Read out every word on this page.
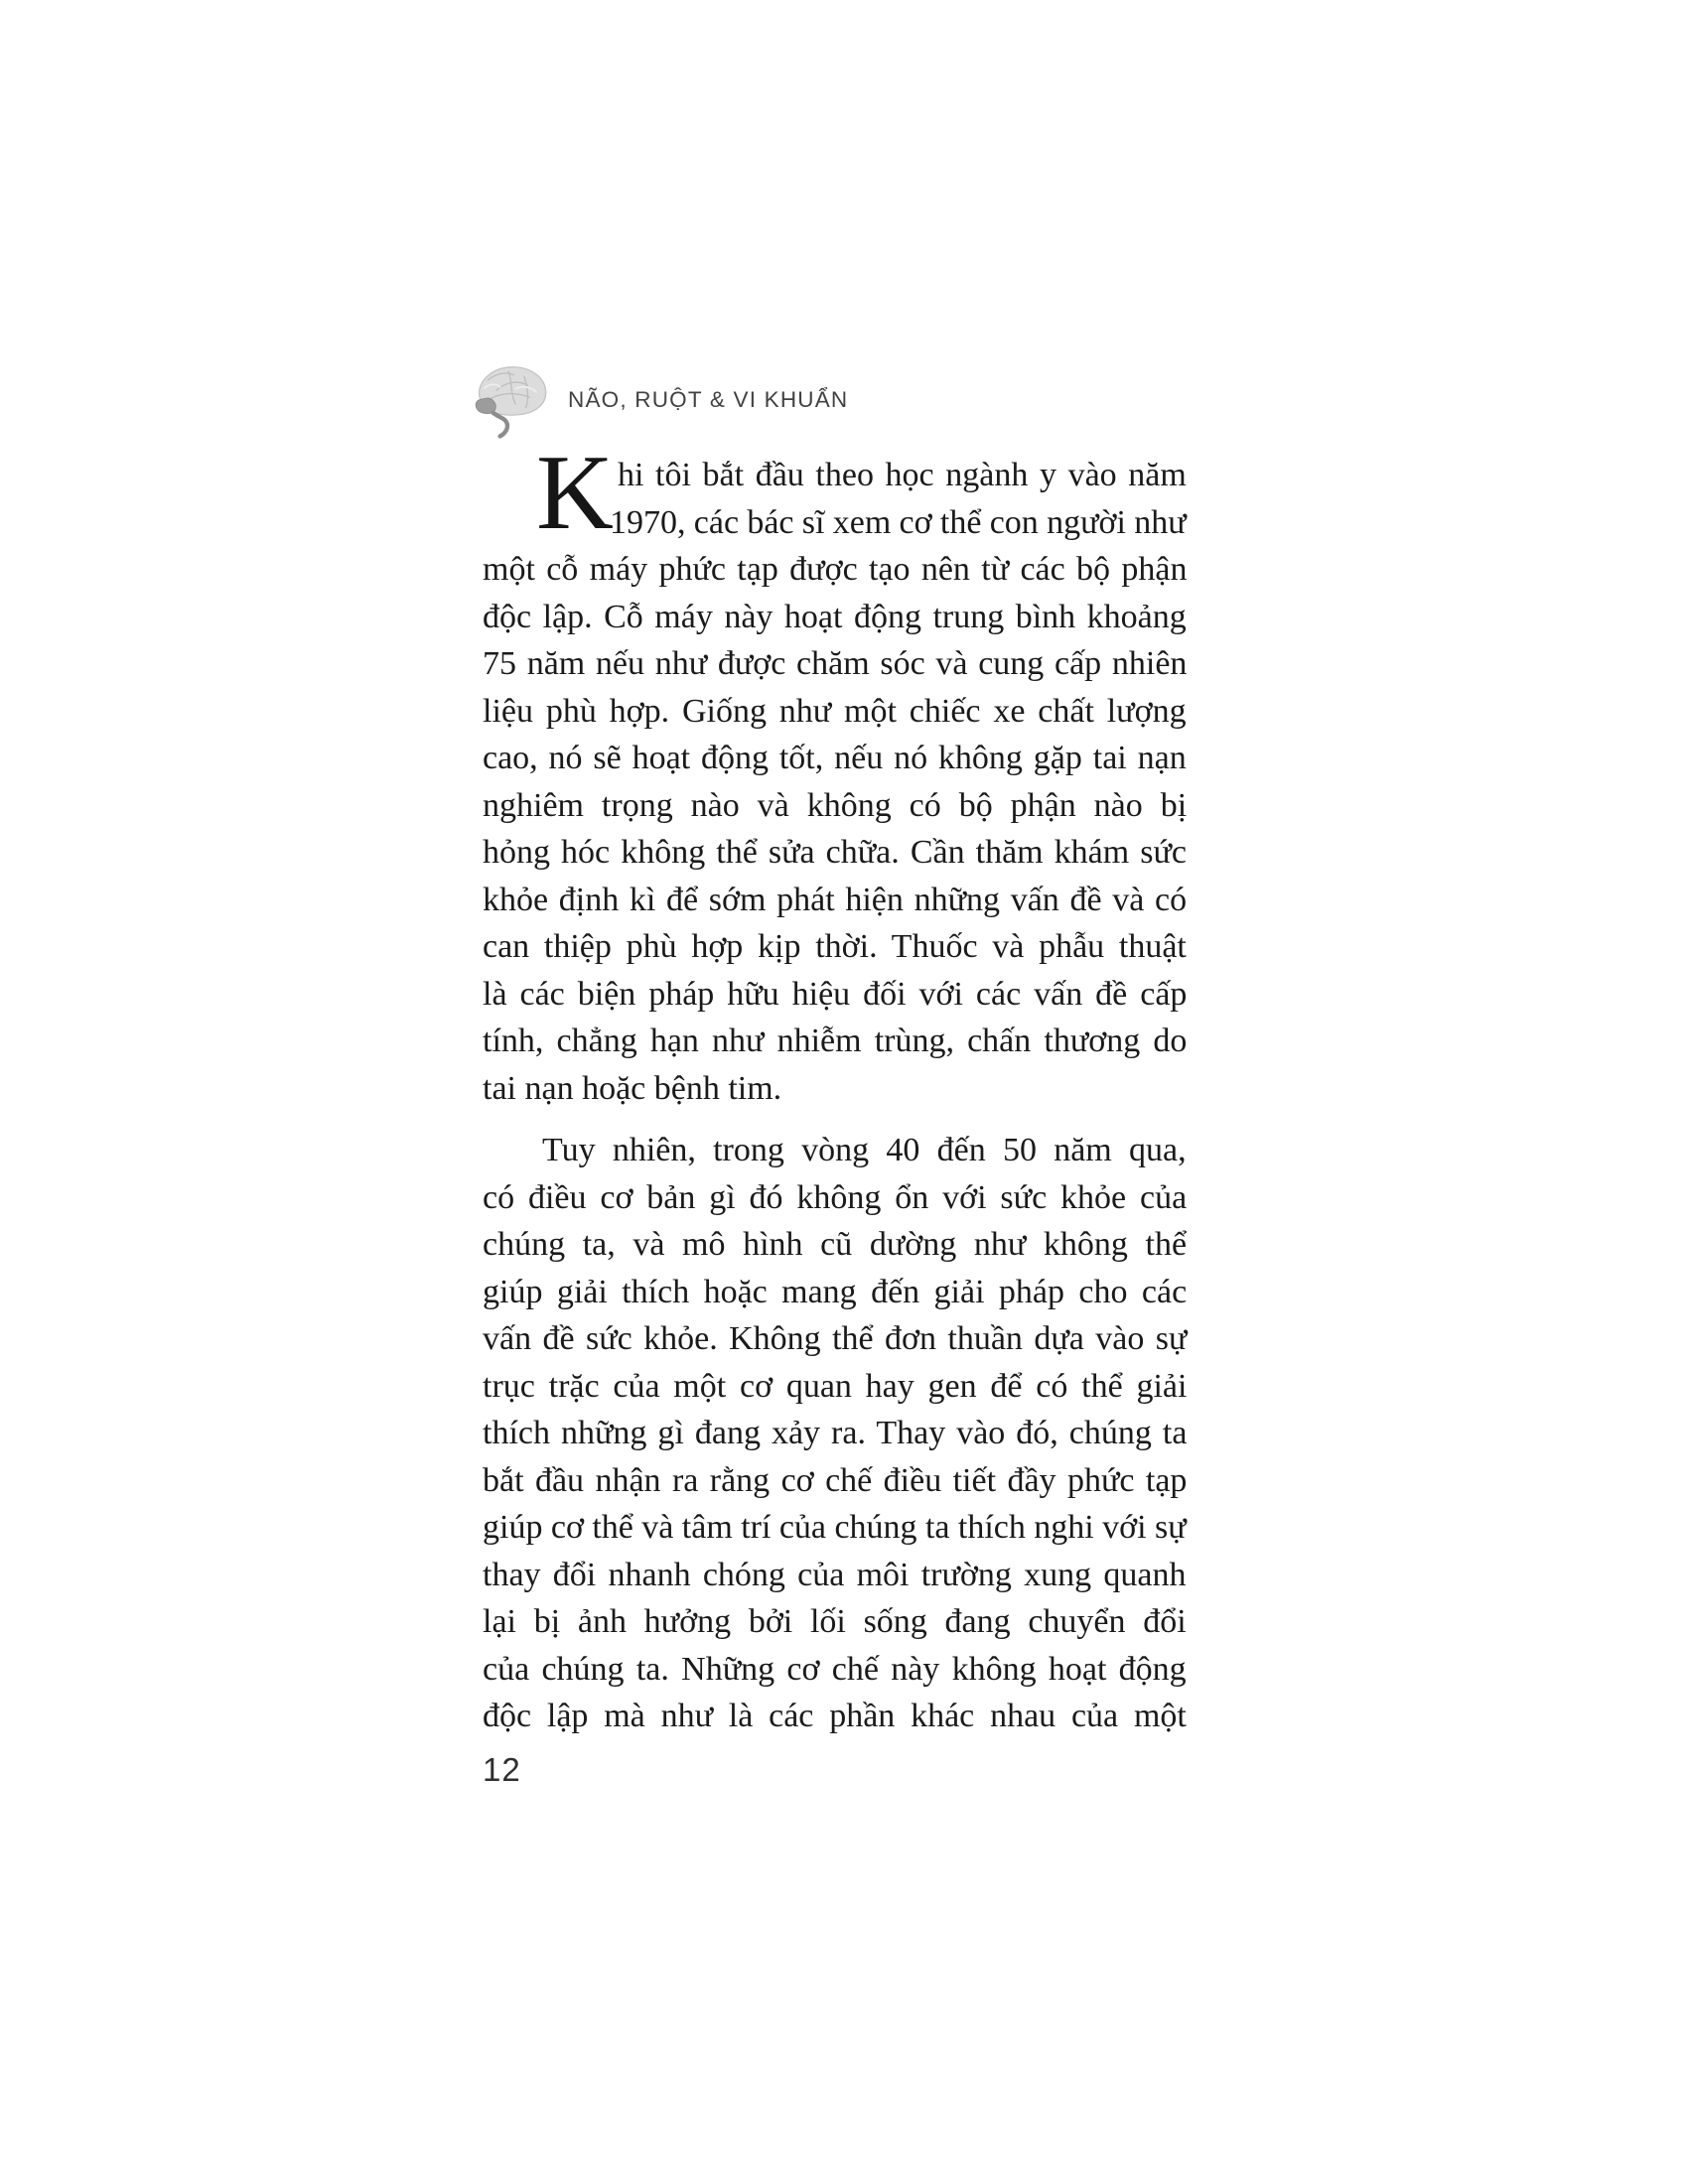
NÃO, RUỘT & VI KHUẨN
K hi tôi bắt đầu theo học ngành y vào năm
1970, các bác sĩ xem cơ thể con người như
một cỗ máy phức tạp được tạo nên từ các bộ phận
độc lập. Cỗ máy này hoạt động trung bình khoảng
75 năm nếu như được chăm sóc và cung cấp nhiên
liệu phù hợp. Giống như một chiếc xe chất lượng
cao, nó sẽ hoạt động tốt, nếu nó không gặp tai nạn
nghiêm trọng nào và không có bộ phận nào bị
hỏng hóc không thể sửa chữa. Cần thăm khám sức
khỏe định kì để sớm phát hiện những vấn đề và có
can thiệp phù hợp kịp thời. Thuốc và phẫu thuật
là các biện pháp hữu hiệu đối với các vấn đề cấp
tính, chẳng hạn như nhiễm trùng, chấn thương do
tai nạn hoặc bệnh tim.
Tuy nhiên, trong vòng 40 đến 50 năm qua,
có điều cơ bản gì đó không ổn với sức khỏe của
chúng ta, và mô hình cũ dường như không thể
giúp giải thích hoặc mang đến giải pháp cho các
vấn đề sức khỏe. Không thể đơn thuần dựa vào sự
trục trặc của một cơ quan hay gen để có thể giải
thích những gì đang xảy ra. Thay vào đó, chúng ta
bắt đầu nhận ra rằng cơ chế điều tiết đầy phức tạp
giúp cơ thể và tâm trí của chúng ta thích nghi với sự
thay đổi nhanh chóng của môi trường xung quanh
lại bị ảnh hưởng bởi lối sống đang chuyển đổi
của chúng ta. Những cơ chế này không hoạt động
độc lập mà như là các phần khác nhau của một
12
